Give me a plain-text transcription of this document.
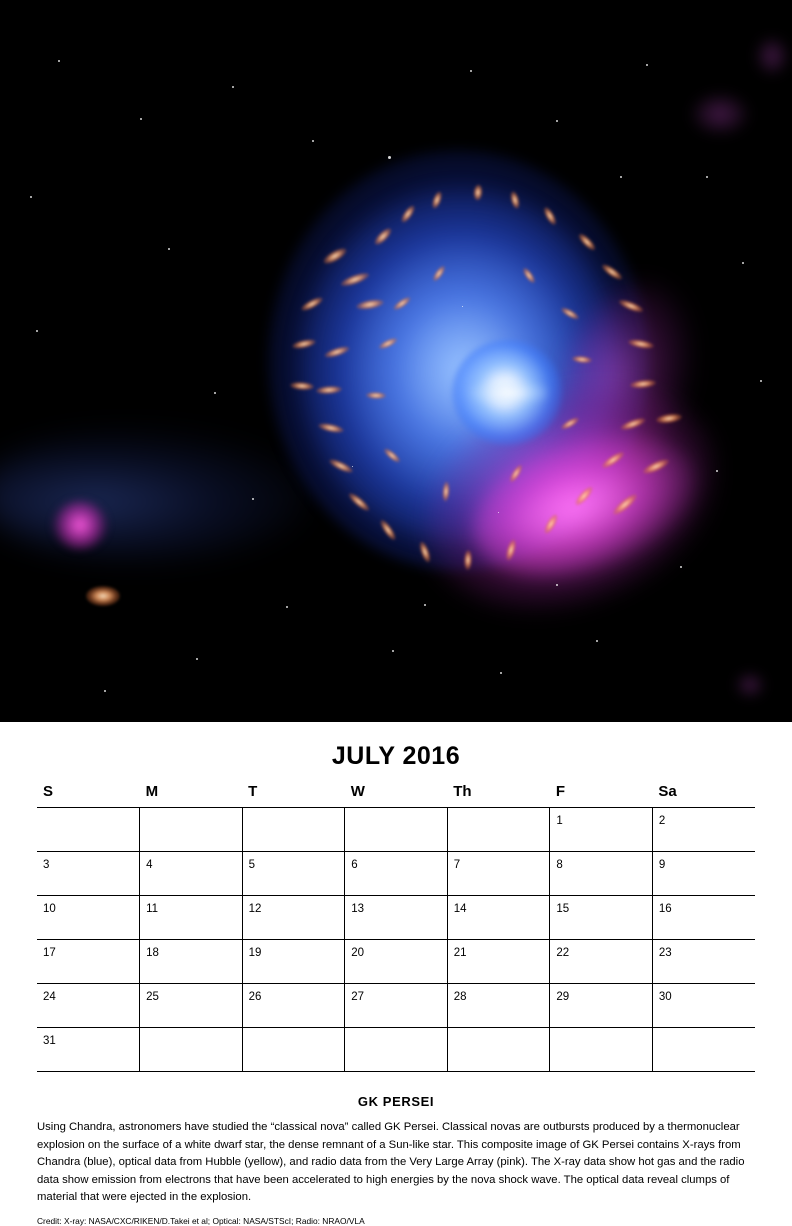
JULY 2016
S	M	T	W	Th	F	Sa
					1	2
3	4	5	6	7	8	9
10	11	12	13	14	15	16
17	18	19	20	21	22	23
24	25	26	27	28	29	30
31						
GK PERSEI
Using Chandra, astronomers have studied the “classical nova” called GK Persei. Classical novas are outbursts produced by a thermonuclear explosion on the surface of a white dwarf star, the dense remnant of a Sun-like star. This composite image of GK Persei contains X-rays from Chandra (blue), optical data from Hubble (yellow), and radio data from the Very Large Array (pink). The X-ray data show hot gas and the radio data show emission from electrons that have been accelerated to high energies by the nova shock wave. The optical data reveal clumps of material that were ejected in the explosion.
Credit: X-ray: NASA/CXC/RIKEN/D.Takei et al; Optical: NASA/STScI; Radio: NRAO/VLA
